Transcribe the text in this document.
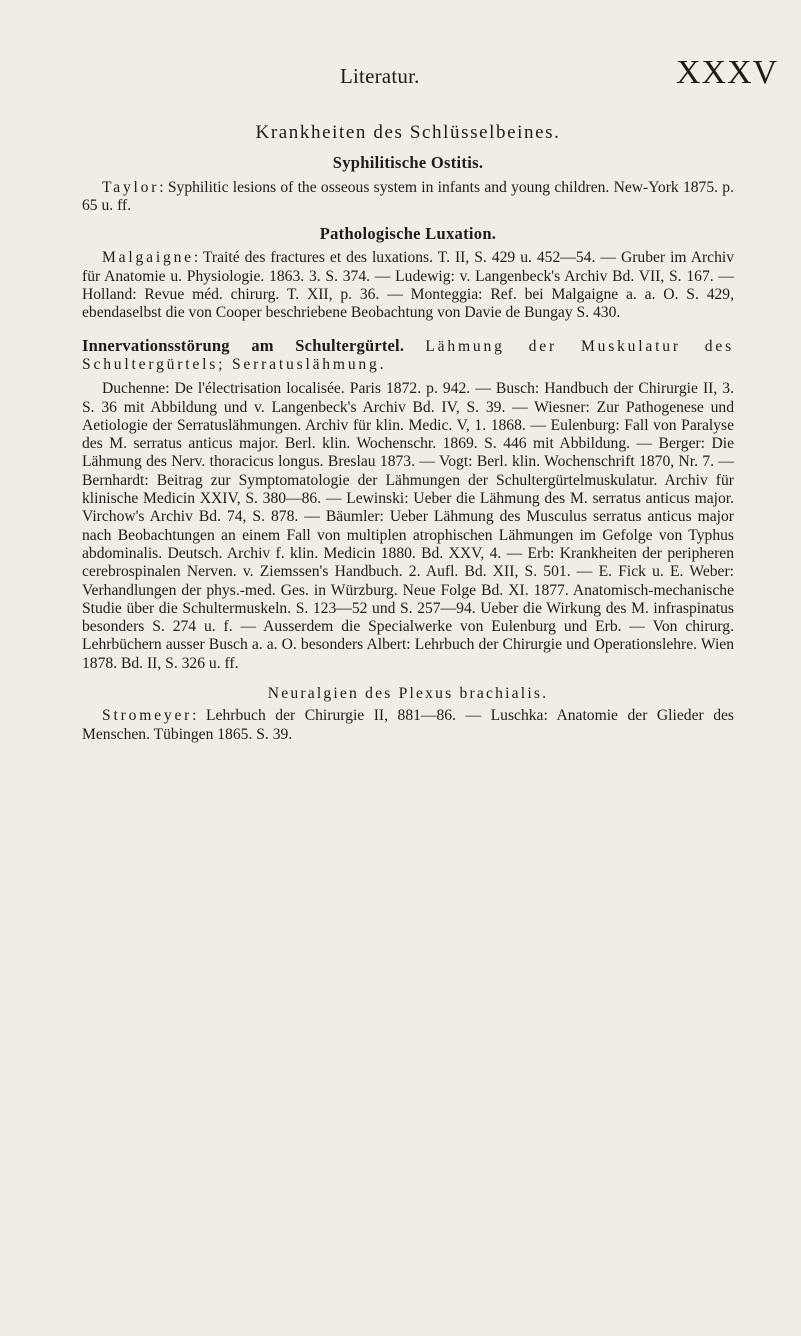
Literatur.	XXXV
Krankheiten des Schlüsselbeines.
Syphilitische Ostitis.

Taylor: Syphilitic lesions of the osseous system in infants and young children. New-York 1875. p. 65 u. ff.

Pathologische Luxation.

Malgaigne: Traité des fractures et des luxations. T. II, S. 429 u. 452—54. — Gruber im Archiv für Anatomie u. Physiologie. 1863. 3. S. 374. — Ludewig: v. Langenbeck's Archiv Bd. VII, S. 167. — Holland: Revue méd. chirurg. T. XII, p. 36. — Monteggia: Ref. bei Malgaigne a. a. O. S. 429, ebendaselbst die von Cooper beschriebene Beobachtung von Davie de Bungay S. 430.

Innervationsstörung am Schultergürtel. Lähmung der Muskulatur des Schultergürtels; Serratuslähmung.

Duchenne: De l'électrisation localisée. Paris 1872. p. 942. — Busch: Handbuch der Chirurgie II, 3. S. 36 mit Abbildung und v. Langenbeck's Archiv Bd. IV, S. 39. — Wiesner: Zur Pathogenese und Aetiologie der Serratuslähmungen. Archiv für klin. Medic. V, 1. 1868. — Eulenburg: Fall von Paralyse des M. serratus anticus major. Berl. klin. Wochenschr. 1869. S. 446 mit Abbildung. — Berger: Die Lähmung des Nerv. thoracicus longus. Breslau 1873. — Vogt: Berl. klin. Wochenschrift 1870, Nr. 7. — Bernhardt: Beitrag zur Symptomatologie der Lähmungen der Schultergürtelmuskulatur. Archiv für klinische Medicin XXIV, S. 380—86. — Lewinski: Ueber die Lähmung des M. serratus anticus major. Virchow's Archiv Bd. 74, S. 878. — Bäumler: Ueber Lähmung des Musculus serratus anticus major nach Beobachtungen an einem Fall von multiplen atrophischen Lähmungen im Gefolge von Typhus abdominalis. Deutsch. Archiv f. klin. Medicin 1880. Bd. XXV, 4. — Erb: Krankheiten der peripheren cerebrospinalen Nerven. v. Ziemssen's Handbuch. 2. Aufl. Bd. XII, S. 501. — E. Fick u. E. Weber: Verhandlungen der phys.-med. Ges. in Würzburg. Neue Folge Bd. XI. 1877. Anatomisch-mechanische Studie über die Schultermuskeln. S. 123—52 und S. 257—94. Ueber die Wirkung des M. infraspinatus besonders S. 274 u. f. — Ausserdem die Specialwerke von Eulenburg und Erb. — Von chirurg. Lehrbüchern ausser Busch a. a. O. besonders Albert: Lehrbuch der Chirurgie und Operationslehre. Wien 1878. Bd. II, S. 326 u. ff.

Neuralgien des Plexus brachialis.

Stromeyer: Lehrbuch der Chirurgie II, 881—86. — Luschka: Anatomie der Glieder des Menschen. Tübingen 1865. S. 39.
